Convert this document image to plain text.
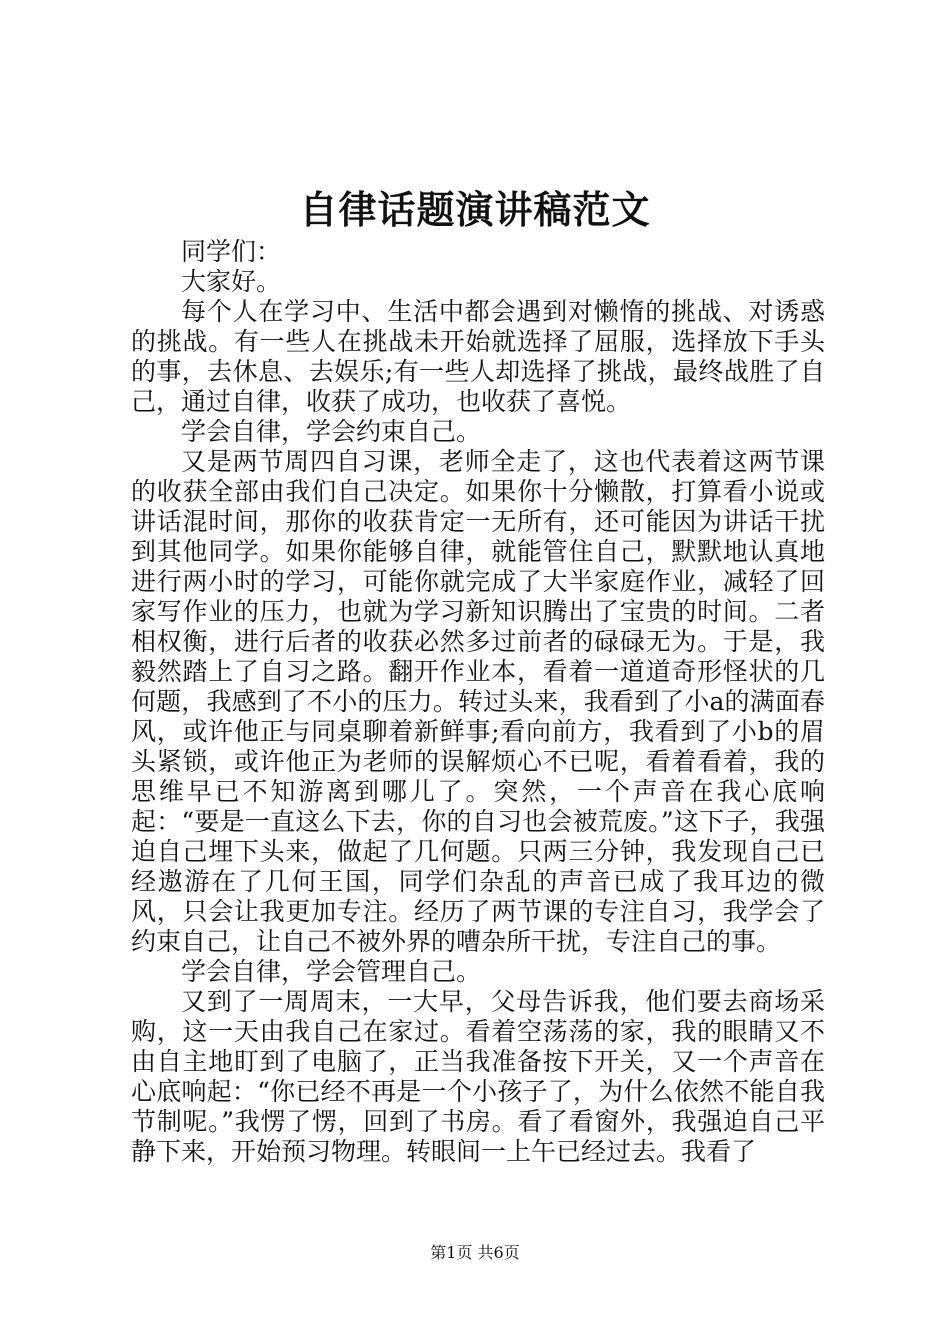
自律话题演讲稿范文

同学们：

大家好。

每个人在学习中、生活中都会遇到对懒惰的挑战、对诱惑的挑战。有一些人在挑战未开始就选择了屈服，选择放下手头的事，去休息、去娱乐;有一些人却选择了挑战，最终战胜了自己，通过自律，收获了成功，也收获了喜悦。

学会自律，学会约束自己。

又是两节周四自习课，老师全走了，这也代表着这两节课的收获全部由我们自己决定。如果你十分懒散，打算看小说或讲话混时间，那你的收获肯定一无所有，还可能因为讲话干扰到其他同学。如果你能够自律，就能管住自己，默默地认真地进行两小时的学习，可能你就完成了大半家庭作业，减轻了回家写作业的压力，也就为学习新知识腾出了宝贵的时间。二者相权衡，进行后者的收获必然多过前者的碌碌无为。于是，我毅然踏上了自习之路。翻开作业本，看着一道道奇形怪状的几何题，我感到了不小的压力。转过头来，我看到了小a的满面春风，或许他正与同桌聊着新鲜事;看向前方，我看到了小b的眉头紧锁，或许他正为老师的误解烦心不已呢，看着看着，我的思维早已不知游离到哪儿了。突然，一个声音在我心底响起：“要是一直这么下去，你的自习也会被荒废。”这下子，我强迫自己埋下头来，做起了几何题。只两三分钟，我发现自己已经遨游在了几何王国，同学们杂乱的声音已成了我耳边的微风，只会让我更加专注。经历了两节课的专注自习，我学会了约束自己，让自己不被外界的嘈杂所干扰，专注自己的事。

学会自律，学会管理自己。

又到了一周周末，一大早，父母告诉我，他们要去商场采购，这一天由我自己在家过。看着空荡荡的家，我的眼睛又不由自主地盯到了电脑了，正当我准备按下开关，又一个声音在心底响起：“你已经不再是一个小孩子了，为什么依然不能自我节制呢。”我愣了愣，回到了书房。看了看窗外，我强迫自己平静下来，开始预习物理。转眼间一上午已经过去。我看了

第1页 共6页
